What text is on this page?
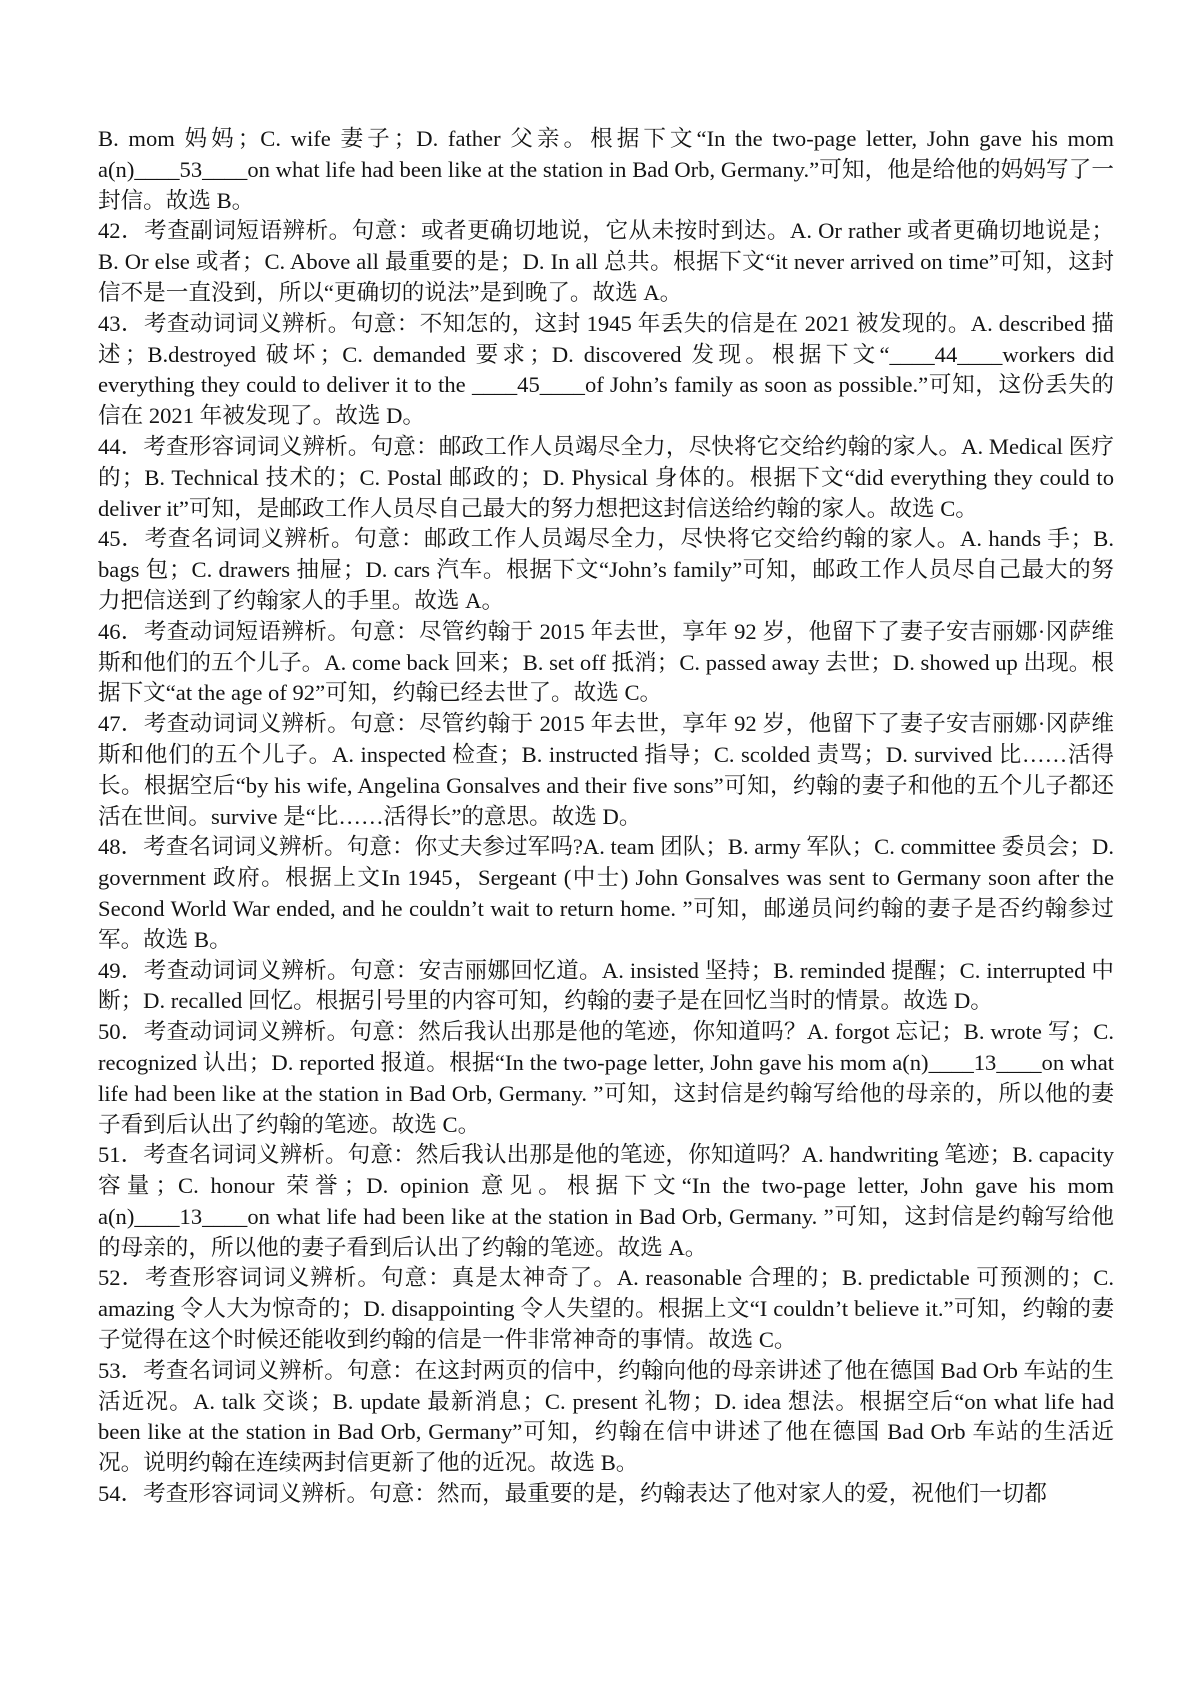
B. mom 妈妈；C. wife 妻子；D. father 父亲。根据下文“In the two-page letter, John gave his mom a(n)____53____on what life had been like at the station in Bad Orb, Germany.”可知，他是给他的妈妈写了一封信。故选 B。

42．考查副词短语辨析。句意：或者更确切地说，它从未按时到达。A. Or rather 或者更确切地说是；B. Or else 或者；C. Above all 最重要的是；D. In all 总共。根据下文“it never arrived on time”可知，这封信不是一直没到，所以“更确切的说法”是到晚了。故选 A。

43．考查动词词义辨析。句意：不知怎的，这封 1945 年丢失的信是在 2021 被发现的。A. described 描述；B.destroyed 破坏；C. demanded 要求；D. discovered 发现。根据下文“____44____workers did everything they could to deliver it to the ____45____of John’s family as soon as possible.”可知，这份丢失的信在 2021 年被发现了。故选 D。

44．考查形容词词义辨析。句意：邮政工作人员竭尽全力，尽快将它交给约翰的家人。A. Medical 医疗的；B. Technical 技术的；C. Postal 邮政的；D. Physical 身体的。根据下文“did everything they could to deliver it”可知，是邮政工作人员尽自己最大的努力想把这封信送给约翰的家人。故选 C。

45．考查名词词义辨析。句意：邮政工作人员竭尽全力，尽快将它交给约翰的家人。A. hands 手；B. bags 包；C. drawers 抽屉；D. cars 汽车。根据下文“John’s family”可知，邮政工作人员尽自己最大的努力把信送到了约翰家人的手里。故选 A。

46．考查动词短语辨析。句意：尽管约翰于 2015 年去世，享年 92 岁，他留下了妻子安吉丽娜·冈萨维斯和他们的五个儿子。A. come back 回来；B. set off 抵消；C. passed away 去世；D. showed up 出现。根据下文“at the age of 92”可知，约翰已经去世了。故选 C。

47．考查动词词义辨析。句意：尽管约翰于 2015 年去世，享年 92 岁，他留下了妻子安吉丽娜·冈萨维斯和他们的五个儿子。A. inspected 检查；B. instructed 指导；C. scolded 责骂；D. survived 比……活得长。根据空后“by his wife, Angelina Gonsalves and their five sons”可知，约翰的妻子和他的五个儿子都还活在世间。survive 是“比……活得长”的意思。故选 D。

48．考查名词词义辨析。句意：你丈夫参过军吗?A. team 团队；B. army 军队；C. committee 委员会；D. government 政府。根据上文In 1945，Sergeant (中士) John Gonsalves was sent to Germany soon after the Second World War ended, and he couldn’t wait to return home. ”可知，邮递员问约翰的妻子是否约翰参过军。故选 B。

49．考查动词词义辨析。句意：安吉丽娜回忆道。A. insisted 坚持；B. reminded 提醒；C. interrupted 中断；D. recalled 回忆。根据引号里的内容可知，约翰的妻子是在回忆当时的情景。故选 D。

50．考查动词词义辨析。句意：然后我认出那是他的笔迹，你知道吗？A. forgot 忘记；B. wrote 写；C. recognized 认出；D. reported 报道。根据“In the two-page letter, John gave his mom a(n)____13____on what life had been like at the station in Bad Orb, Germany. ”可知，这封信是约翰写给他的母亲的，所以他的妻子看到后认出了约翰的笔迹。故选 C。

51．考查名词词义辨析。句意：然后我认出那是他的笔迹，你知道吗？A. handwriting 笔迹；B. capacity 容量；C. honour 荣誉；D. opinion 意见。根据下文“In the two-page letter, John gave his mom a(n)____13____on what life had been like at the station in Bad Orb, Germany. ”可知，这封信是约翰写给他的母亲的，所以他的妻子看到后认出了约翰的笔迹。故选 A。

52．考查形容词词义辨析。句意：真是太神奇了。A. reasonable 合理的；B. predictable 可预测的；C. amazing 令人大为惊奇的；D. disappointing 令人失望的。根据上文“I couldn’t believe it.”可知，约翰的妻子觉得在这个时候还能收到约翰的信是一件非常神奇的事情。故选 C。

53．考查名词词义辨析。句意：在这封两页的信中，约翰向他的母亲讲述了他在德国 Bad Orb 车站的生活近况。A. talk 交谈；B. update 最新消息；C. present 礼物；D. idea 想法。根据空后“on what life had been like at the station in Bad Orb, Germany”可知，约翰在信中讲述了他在德国 Bad Orb 车站的生活近况。说明约翰在连续两封信更新了他的近况。故选 B。

54．考查形容词词义辨析。句意：然而，最重要的是，约翰表达了他对家人的爱，祝他们一切都
